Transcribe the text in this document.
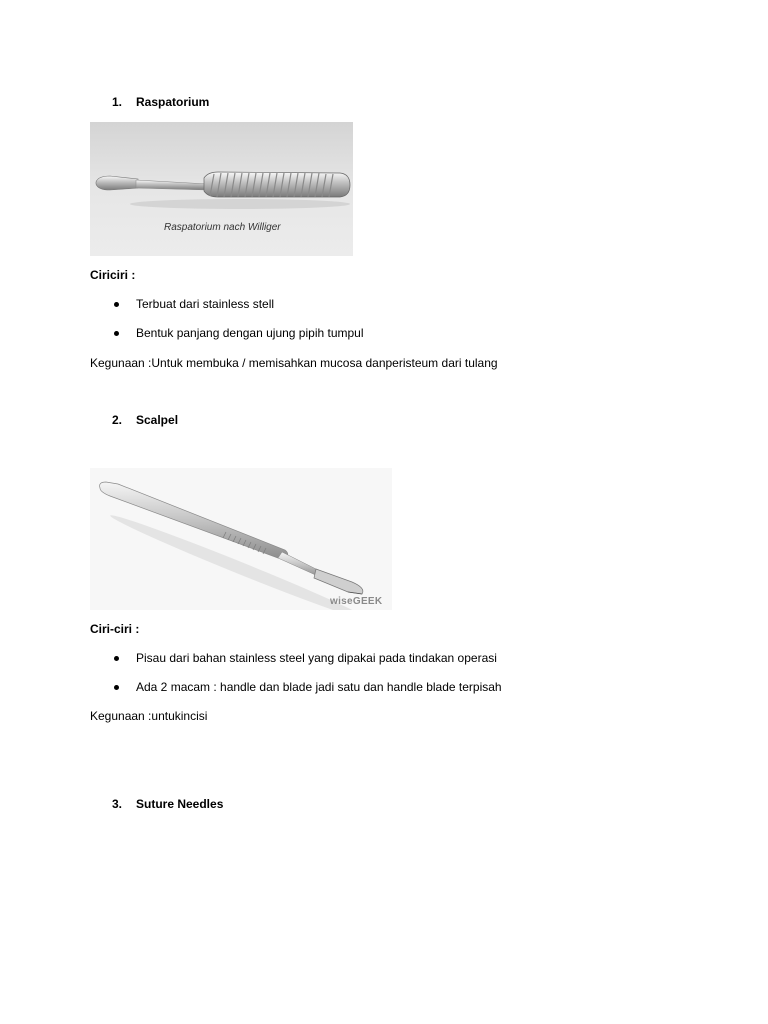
1. Raspatorium
Raspatorium nach Williger
Ciriciri :
Terbuat dari stainless stell
Bentuk panjang dengan ujung pipih tumpul
Kegunaan :Untuk membuka / memisahkan mucosa danperisteum dari tulang
2. Scalpel
wiseGEEK
Ciri-ciri :
Pisau dari bahan stainless steel yang dipakai pada tindakan operasi
Ada 2 macam : handle dan blade jadi satu dan handle blade terpisah
Kegunaan :untukincisi
3. Suture Needles
